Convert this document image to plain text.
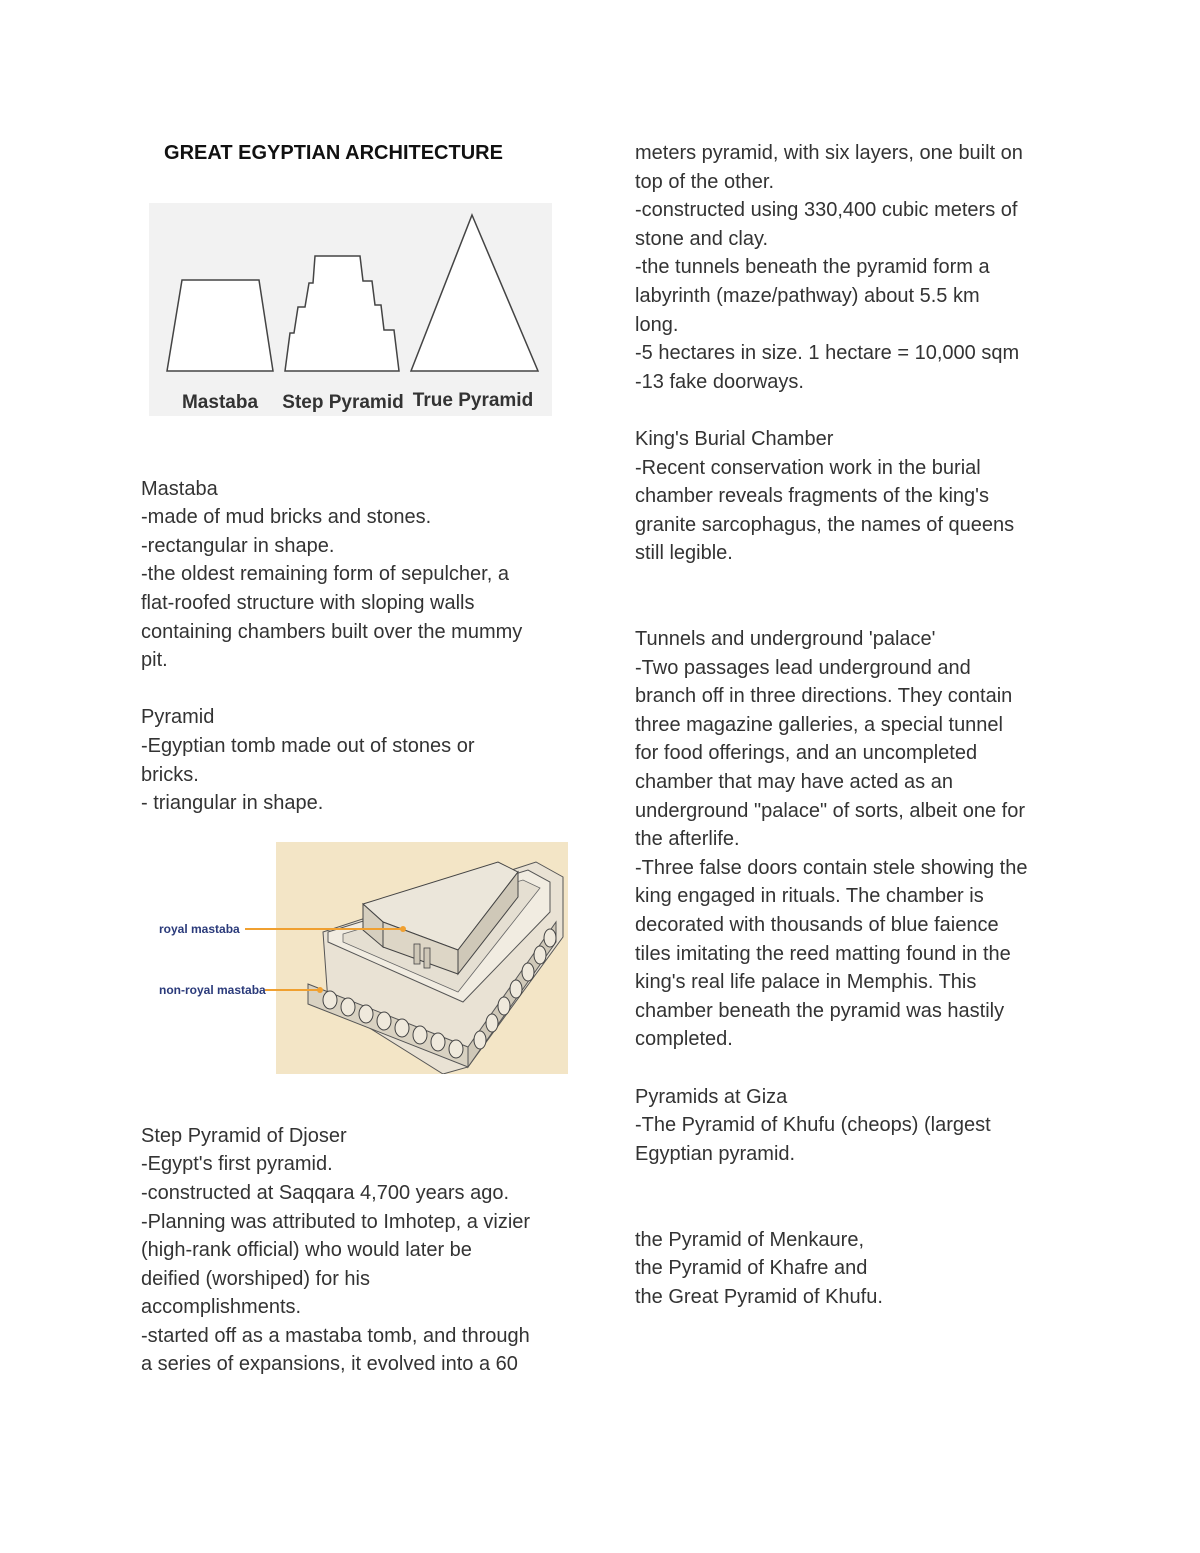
GREAT EGYPTIAN ARCHITECTURE
Mastaba
-made of mud bricks and stones.
-rectangular in shape.
-the oldest remaining form of sepulcher, a
flat-roofed structure with sloping walls
containing chambers built over the mummy
pit.
Pyramid
-Egyptian tomb made out of stones or
bricks.
- triangular in shape.
Step Pyramid of Djoser
-Egypt's first pyramid.
-constructed at Saqqara 4,700 years ago.
-Planning was attributed to Imhotep, a vizier
(high-rank official) who would later be
deified (worshiped) for his
accomplishments.
-started off as a mastaba tomb, and through
a series of expansions, it evolved into a 60
Mastaba Step Pyramid True Pyramid
royal mastaba
non-royal mastaba
meters pyramid, with six layers, one built on
top of the other.
-constructed using 330,400 cubic meters of
stone and clay.
-the tunnels beneath the pyramid form a
labyrinth (maze/pathway) about 5.5 km
long.
-5 hectares in size. 1 hectare = 10,000 sqm
-13 fake doorways.
King's Burial Chamber
-Recent conservation work in the burial
chamber reveals fragments of the king's
granite sarcophagus, the names of queens
still legible.
Tunnels and underground 'palace'
-Two passages lead underground and
branch off in three directions. They contain
three magazine galleries, a special tunnel
for food offerings, and an uncompleted
chamber that may have acted as an
underground "palace" of sorts, albeit one for
the afterlife.
-Three false doors contain stele showing the
king engaged in rituals. The chamber is
decorated with thousands of blue faience
tiles imitating the reed matting found in the
king's real life palace in Memphis. This
chamber beneath the pyramid was hastily
completed.
Pyramids at Giza
-The Pyramid of Khufu (cheops) (largest
Egyptian pyramid.
the Pyramid of Menkaure,
the Pyramid of Khafre and
the Great Pyramid of Khufu.
